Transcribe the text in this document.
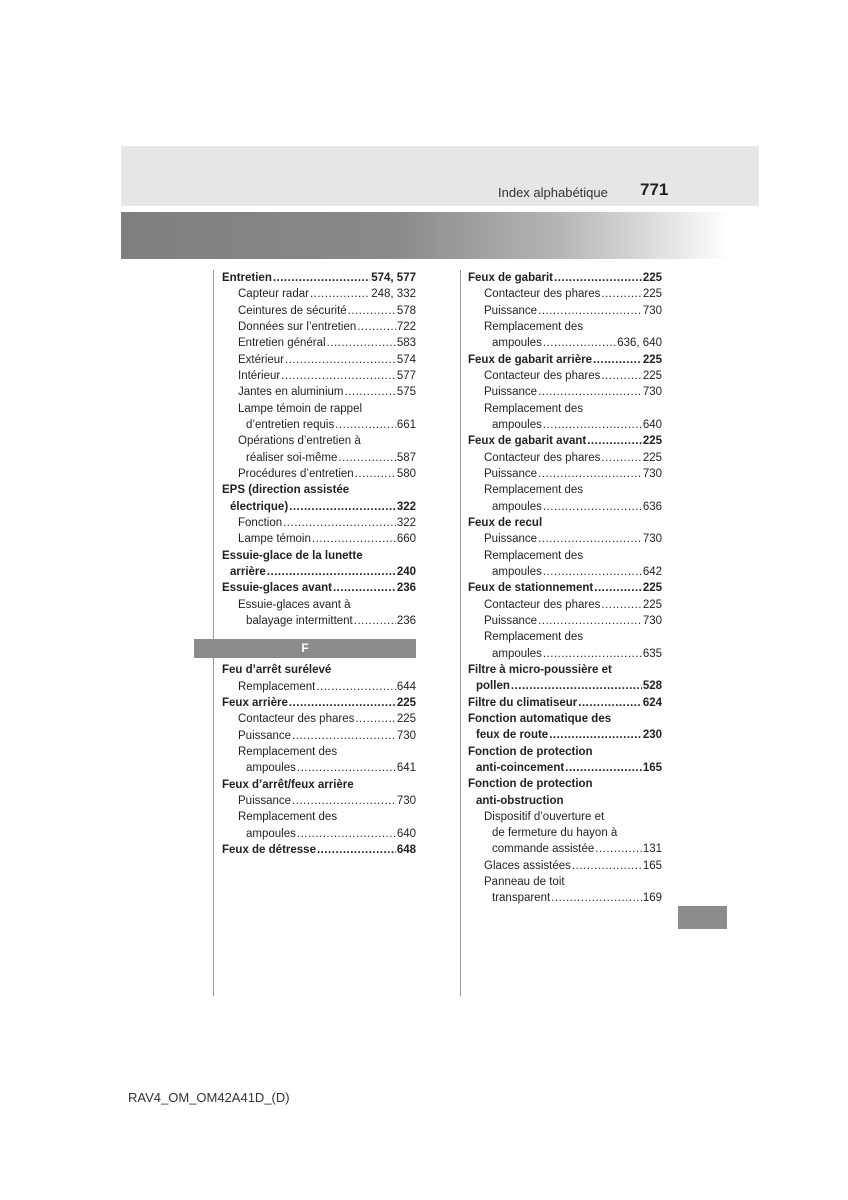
Index alphabétique 771
Entretien .....	574, 577
Capteur radar .....	248, 332
Ceintures de sécurité .....	578
Données sur l’entretien .....	722
Entretien général .....	583
Extérieur .....	574
Intérieur .....	577
Jantes en aluminium .....	575
Lampe témoin de rappel
d’entretien requis .....	661
Opérations d’entretien à
réaliser soi-même .....	587
Procédures d’entretien .....	580
EPS (direction assistée
électrique) .....	322
Fonction .....	322
Lampe témoin .....	660
Essuie-glace de la lunette
arrière .....	240
Essuie-glaces avant .....	236
Essuie-glaces avant à
balayage intermittent .....	236
F
Feu d’arrêt surélevé
Remplacement .....	644
Feux arrière .....	225
Contacteur des phares .....	225
Puissance .....	730
Remplacement des
ampoules .....	641
Feux d’arrêt/feux arrière
Puissance .....	730
Remplacement des
ampoules .....	640
Feux de détresse .....	648
Feux de gabarit .....	225
Contacteur des phares .....	225
Puissance .....	730
Remplacement des
ampoules .....	636, 640
Feux de gabarit arrière .....	225
Contacteur des phares .....	225
Puissance .....	730
Remplacement des
ampoules .....	640
Feux de gabarit avant .....	225
Contacteur des phares .....	225
Puissance .....	730
Remplacement des
ampoules .....	636
Feux de recul
Puissance .....	730
Remplacement des
ampoules .....	642
Feux de stationnement .....	225
Contacteur des phares .....	225
Puissance .....	730
Remplacement des
ampoules .....	635
Filtre à micro-poussière et
pollen .....	528
Filtre du climatiseur .....	624
Fonction automatique des
feux de route .....	230
Fonction de protection
anti-coincement .....	165
Fonction de protection
anti-obstruction
Dispositif d’ouverture et
de fermeture du hayon à
commande assistée .....	131
Glaces assistées .....	165
Panneau de toit
transparent .....	169
RAV4_OM_OM42A41D_(D)
